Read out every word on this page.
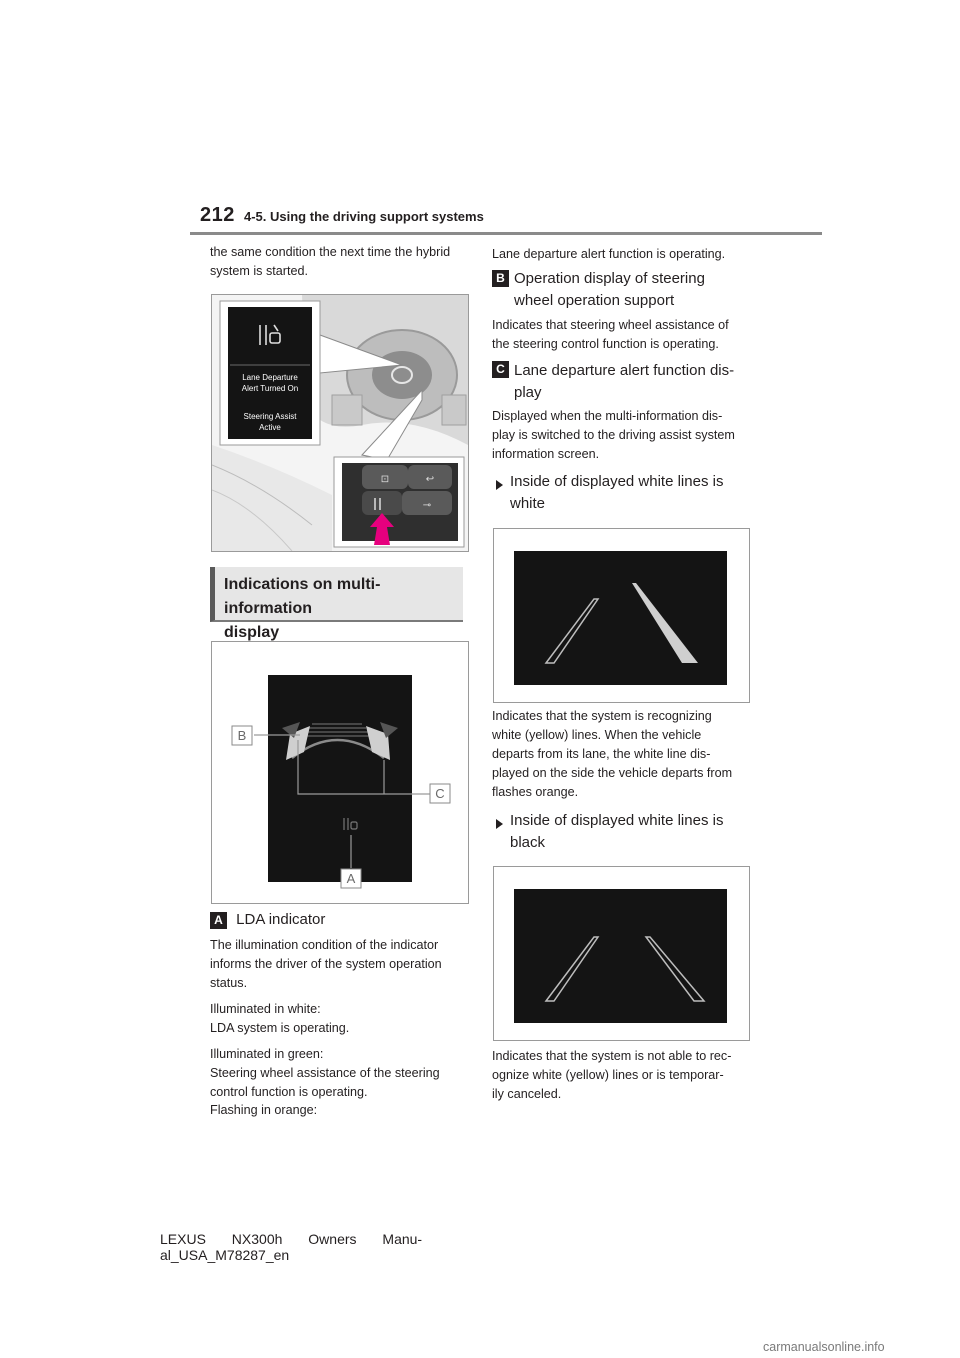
212 4-5. Using the driving support systems
the same condition the next time the hybrid
system is started.
Lane Departure
Alert Turned On
Steering Assist
Active
⊡	↩
⊸
Indications on multi-information
display
B
C
A
A LDA indicator
The illumination condition of the indicator
informs the driver of the system operation
status.
Illuminated in white:
LDA system is operating.
Illuminated in green:
Steering wheel assistance of the steering
control function is operating.
Flashing in orange:
Lane departure alert function is operating.
B Operation display of steering
wheel operation support
Indicates that steering wheel assistance of
the steering control function is operating.
C Lane departure alert function dis-
play
Displayed when the multi-information dis-
play is switched to the driving assist system
information screen.
Inside of displayed white lines is
white
Indicates that the system is recognizing
white (yellow) lines. When the vehicle
departs from its lane, the white line dis-
played on the side the vehicle departs from
flashes orange.
Inside of displayed white lines is
black
Indicates that the system is not able to rec-
ognize white (yellow) lines or is temporar-
ily canceled.
LEXUS NX300h Owners Manu-
al_USA_M78287_en
carmanualsonline.info
